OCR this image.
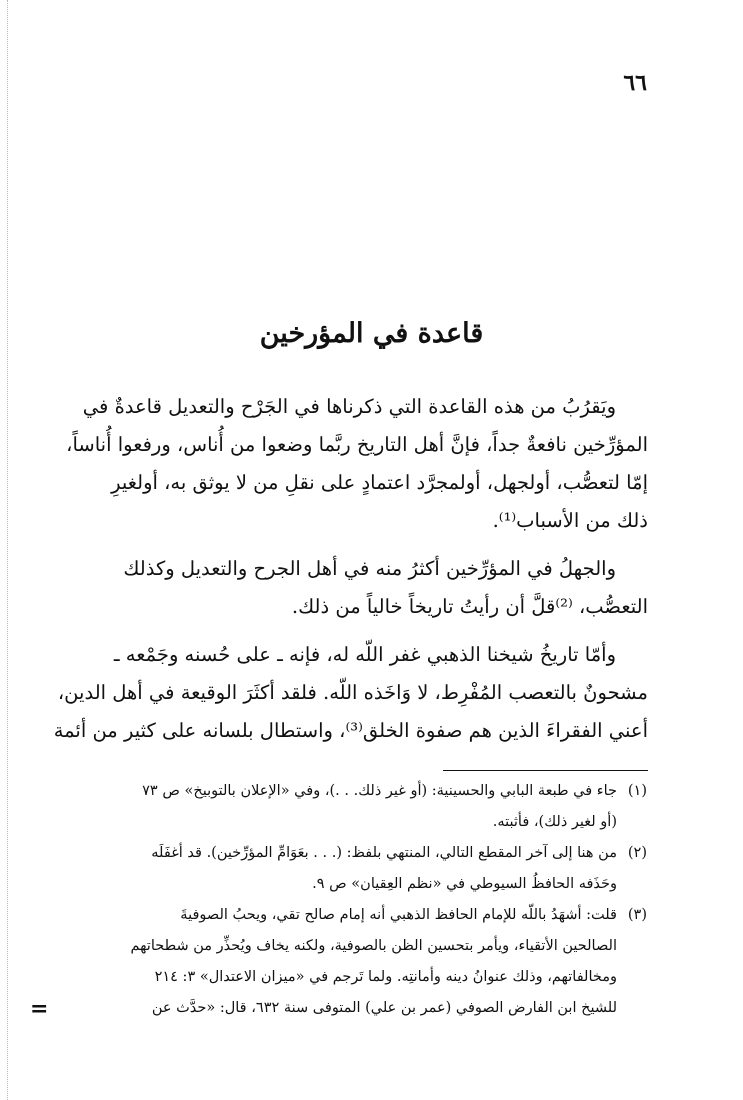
٦٦
قاعدة في المؤرخين

ويَقرُبُ من هذه القاعدة التي ذكرناها في الجَرْح والتعديل قاعدةٌ في
المؤرِّخين نافعةٌ جداً، فإنَّ أهل التاريخ ربَّما وضعوا من أُناس، ورفعوا أُناساً،
إمّا لتعصُّب، أولجهل، أولمجرَّد اعتمادٍ على نقلِ من لا يوثق به، أولغيرِ
ذلك من الأسباب⁽¹⁾.

والجهلُ في المؤرِّخين أكثرُ منه في أهل الجرح والتعديل وكذلك
التعصُّب، ⁽²⁾قلَّ أن رأيتُ تاريخاً خالياً من ذلك.

وأمّا تاريخُ شيخنا الذهبي غفر اللّه له، فإنه ـ على حُسنه وجَمْعه ـ
مشحونٌ بالتعصب المُفْرِط، لا وَاخَذه اللّه. فلقد أكثَرَ الوقيعة في أهل الدين،
أعني الفقراءَ الذين هم صفوة الخلق⁽³⁾، واستطال بلسانه على كثير من أئمة

(١)جاء في طبعة البابي والحسينية: (أو غير ذلك. . .)، وفي «الإعلان بالتوبيخ» ص ٧٣
(أو لغير ذلك)، فأثبته.
(٢)من هنا إلى آخر المقطع التالي، المنتهي بلفظ: (. . . بعَوَامِّ المؤرِّخين). قد أغفَلَه
وحَذَفه الحافظُ السيوطي في «نظم العِقيان» ص ٩.
(٣)قلت: أشهَدُ باللّه للإمام الحافظ الذهبي أنه إمام صالح تقي، ويحبُ الصوفيةَ
الصالحين الأتقياء، ويأمر بتحسين الظن بالصوفية، ولكنه يخاف ويُحذِّر من شطحاتهم
ومخالفاتهم، وذلك عنوانُ دينه وأمانتِه. ولما تَرجم في «ميزان الاعتدال» ٣: ٢١٤
للشيخ ابن الفارض الصوفي (عمر بن علي) المتوفى سنة ٦٣٢، قال: «حدَّث عن
=
